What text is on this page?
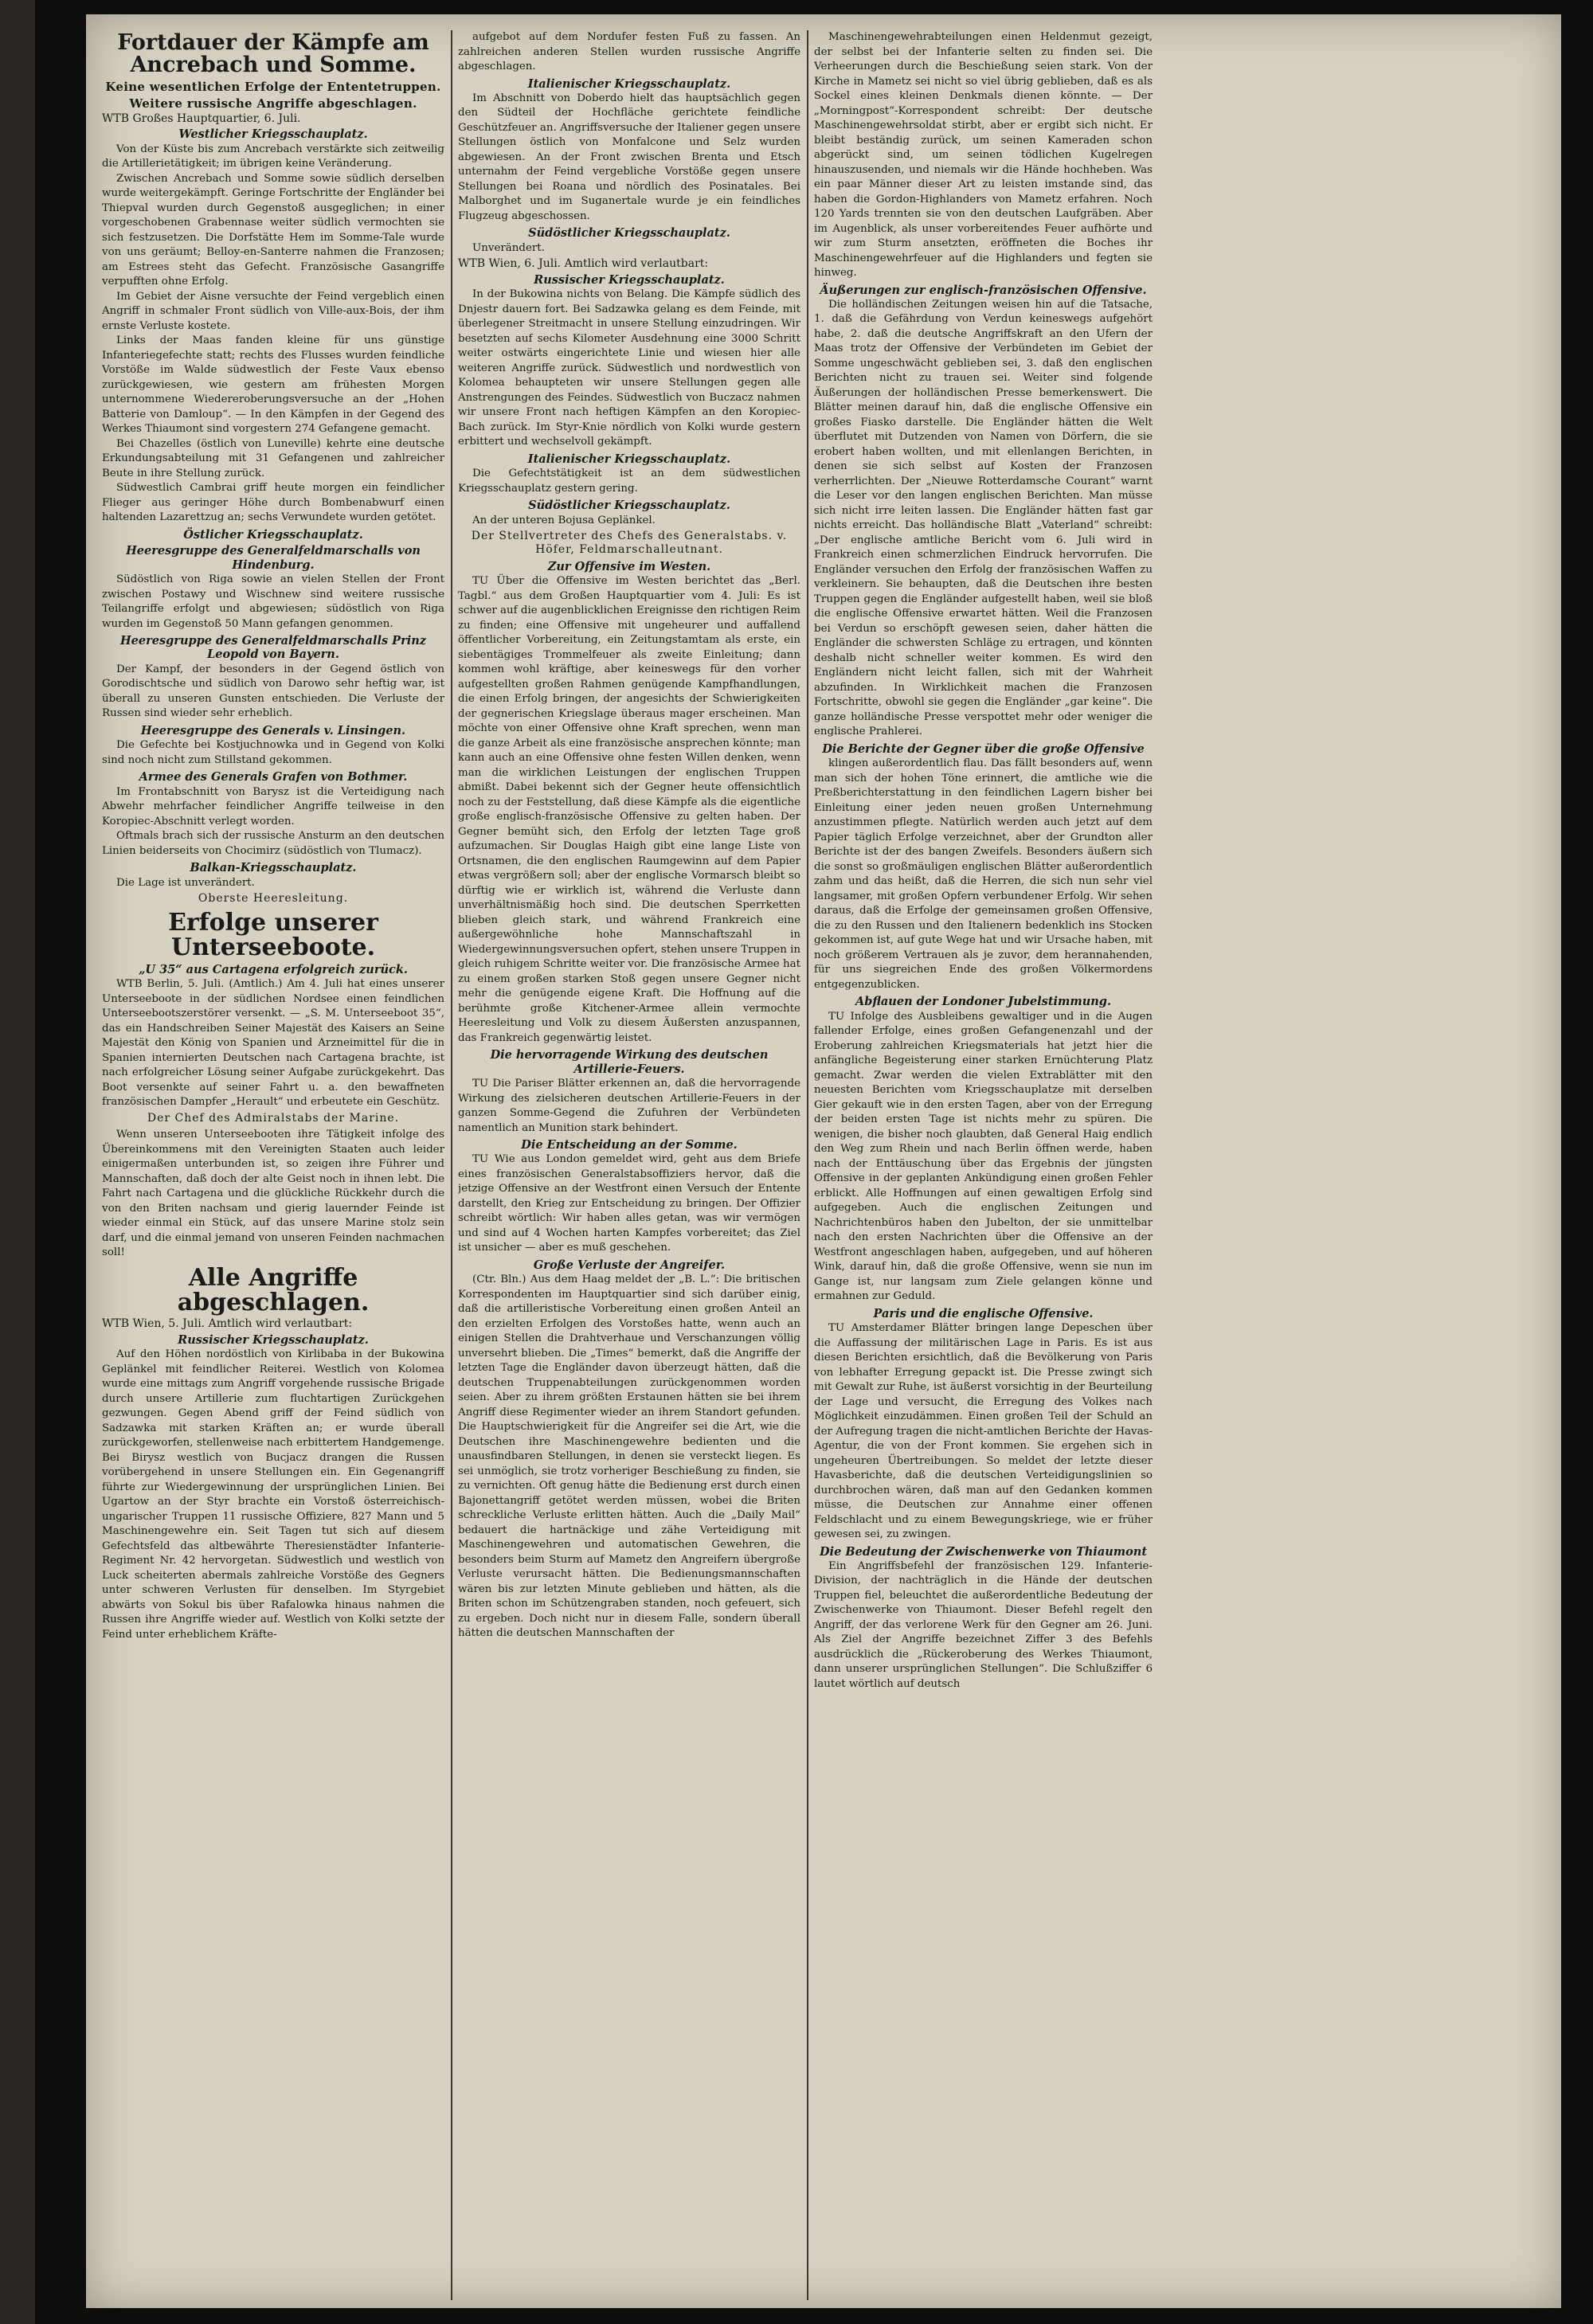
Fortdauer der Kämpfe am Ancrebach und Somme.
Keine wesentlichen Erfolge der Ententetruppen.
Weitere russische Angriffe abgeschlagen.
WTB Großes Hauptquartier, 6. Juli.
Westlicher Kriegsschauplatz.

Von der Küste bis zum Ancrebach verstärkte sich zeitweilig die Artillerietätigkeit; im übrigen keine Veränderung.

Zwischen Ancrebach und Somme sowie südlich derselben wurde weitergekämpft. Geringe Fortschritte der Engländer bei Thiepval wurden durch Gegenstoß ausgeglichen; in einer vorgeschobenen Grabennase weiter südlich vermochten sie sich festzusetzen. Die Dorfstätte Hem im Somme-Tale wurde von uns geräumt; Belloy-en-Santerre nahmen die Franzosen; am Estrees steht das Gefecht. Französische Gasangriffe verpufften ohne Erfolg.

Im Gebiet der Aisne versuchte der Feind vergeblich einen Angriff in schmaler Front südlich von Ville-aux-Bois, der ihm ernste Verluste kostete.

Links der Maas fanden kleine für uns günstige Infanteriegefechte statt; rechts des Flusses wurden feindliche Vorstöße im Walde südwestlich der Feste Vaux ebenso zurückgewiesen, wie gestern am frühesten Morgen unternommene Wiedereroberungsversuche an der „Hohen Batterie von Damloup“. — In den Kämpfen in der Gegend des Werkes Thiaumont sind vorgestern 274 Gefangene gemacht.

Bei Chazelles (östlich von Luneville) kehrte eine deutsche Erkundungsabteilung mit 31 Gefangenen und zahlreicher Beute in ihre Stellung zurück.

Südwestlich Cambrai griff heute morgen ein feindlicher Flieger aus geringer Höhe durch Bombenabwurf einen haltenden Lazarettzug an; sechs Verwundete wurden getötet.

Östlicher Kriegsschauplatz.
Heeresgruppe des Generalfeldmarschalls von Hindenburg.

Südöstlich von Riga sowie an vielen Stellen der Front zwischen Postawy und Wischnew sind weitere russische Teilangriffe erfolgt und abgewiesen; südöstlich von Riga wurden im Gegenstoß 50 Mann gefangen genommen.

Heeresgruppe des Generalfeldmarschalls Prinz Leopold von Bayern.

Der Kampf, der besonders in der Gegend östlich von Gorodischtsche und südlich von Darowo sehr heftig war, ist überall zu unseren Gunsten entschieden. Die Verluste der Russen sind wieder sehr erheblich.

Heeresgruppe des Generals v. Linsingen.

Die Gefechte bei Kostjuchnowka und in Gegend von Kolki sind noch nicht zum Stillstand gekommen.

Armee des Generals Grafen von Bothmer.

Im Frontabschnitt von Barysz ist die Verteidigung nach Abwehr mehrfacher feindlicher Angriffe teilweise in den Koropiec-Abschnitt verlegt worden.

Oftmals brach sich der russische Ansturm an den deutschen Linien beiderseits von Chocimirz (südöstlich von Tlumacz).

Balkan-Kriegsschauplatz.

Die Lage ist unverändert.

Oberste Heeresleitung.
Erfolge unserer Unterseeboote.
„U 35“ aus Cartagena erfolgreich zurück.

WTB Berlin, 5. Juli. (Amtlich.) Am 4. Juli hat eines unserer Unterseeboote in der südlichen Nordsee einen feindlichen Unterseebootszerstörer versenkt. — „S. M. Unterseeboot 35“, das ein Handschreiben Seiner Majestät des Kaisers an Seine Majestät den König von Spanien und Arzneimittel für die in Spanien internierten Deutschen nach Cartagena brachte, ist nach erfolgreicher Lösung seiner Aufgabe zurückgekehrt. Das Boot versenkte auf seiner Fahrt u. a. den bewaffneten französischen Dampfer „Herault“ und erbeutete ein Geschütz.

Der Chef des Admiralstabs der Marine.

Wenn unseren Unterseebooten ihre Tätigkeit infolge des Übereinkommens mit den Vereinigten Staaten auch leider einigermaßen unterbunden ist, so zeigen ihre Führer und Mannschaften, daß doch der alte Geist noch in ihnen lebt. Die Fahrt nach Cartagena und die glückliche Rückkehr durch die von den Briten nachsam und gierig lauernder Feinde ist wieder einmal ein Stück, auf das unsere Marine stolz sein darf, und die einmal jemand von unseren Feinden nachmachen soll!

Alle Angriffe abgeschlagen.
WTB Wien, 5. Juli. Amtlich wird verlautbart:
Russischer Kriegsschauplatz.

Auf den Höhen nordöstlich von Kirlibaba in der Bukowina Geplänkel mit feindlicher Reiterei. Westlich von Kolomea wurde eine mittags zum Angriff vorgehende russische Brigade durch unsere Artillerie zum fluchtartigen Zurückgehen gezwungen. Gegen Abend griff der Feind südlich von Sadzawka mit starken Kräften an; er wurde überall zurückgeworfen, stellenweise nach erbittertem Handgemenge. Bei Birysz westlich von Bucjacz drangen die Russen vorübergehend in unsere Stellungen ein. Ein Gegenangriff führte zur Wiedergewinnung der ursprünglichen Linien. Bei Ugartow an der Styr brachte ein Vorstoß österreichisch-ungarischer Truppen 11 russische Offiziere, 827 Mann und 5 Maschinengewehre ein. Seit Tagen tut sich auf diesem Gefechtsfeld das altbewährte Theresienstädter Infanterie-Regiment Nr. 42 hervorgetan. Südwestlich und westlich von Luck scheiterten abermals zahlreiche Vorstöße des Gegners unter schweren Verlusten für denselben. Im Styrgebiet abwärts von Sokul bis über Rafalowka hinaus nahmen die Russen ihre Angriffe wieder auf. Westlich von Kolki setzte der Feind unter erheblichem Kräfte-

aufgebot auf dem Nordufer festen Fuß zu fassen. An zahlreichen anderen Stellen wurden russische Angriffe abgeschlagen.

Italienischer Kriegsschauplatz.

Im Abschnitt von Doberdo hielt das hauptsächlich gegen den Südteil der Hochfläche gerichtete feindliche Geschützfeuer an. Angriffsversuche der Italiener gegen unsere Stellungen östlich von Monfalcone und Selz wurden abgewiesen. An der Front zwischen Brenta und Etsch unternahm der Feind vergebliche Vorstöße gegen unsere Stellungen bei Roana und nördlich des Posinatales. Bei Malborghet und im Suganertale wurde je ein feindliches Flugzeug abgeschossen.

Südöstlicher Kriegsschauplatz.

Unverändert.

WTB Wien, 6. Juli. Amtlich wird verlautbart:
Russischer Kriegsschauplatz.

In der Bukowina nichts von Belang. Die Kämpfe südlich des Dnjestr dauern fort. Bei Sadzawka gelang es dem Feinde, mit überlegener Streitmacht in unsere Stellung einzudringen. Wir besetzten auf sechs Kilometer Ausdehnung eine 3000 Schritt weiter ostwärts eingerichtete Linie und wiesen hier alle weiteren Angriffe zurück. Südwestlich und nordwestlich von Kolomea behaupteten wir unsere Stellungen gegen alle Anstrengungen des Feindes. Südwestlich von Buczacz nahmen wir unsere Front nach heftigen Kämpfen an den Koropiec-Bach zurück. Im Styr-Knie nördlich von Kolki wurde gestern erbittert und wechselvoll gekämpft.

Italienischer Kriegsschauplatz.

Die Gefechtstätigkeit ist an dem südwestlichen Kriegsschauplatz gestern gering.

Südöstlicher Kriegsschauplatz.

An der unteren Bojusa Geplänkel.

Der Stellvertreter des Chefs des Generalstabs. v. Höfer, Feldmarschalleutnant.
Zur Offensive im Westen.

TU Über die Offensive im Westen berichtet das „Berl. Tagbl.“ aus dem Großen Hauptquartier vom 4. Juli: Es ist schwer auf die augenblicklichen Ereignisse den richtigen Reim zu finden; eine Offensive mit ungeheurer und auffallend öffentlicher Vorbereitung, ein Zeitungstamtam als erste, ein siebentägiges Trommelfeuer als zweite Einleitung; dann kommen wohl kräftige, aber keineswegs für den vorher aufgestellten großen Rahmen genügende Kampfhandlungen, die einen Erfolg bringen, der angesichts der Schwierigkeiten der gegnerischen Kriegslage überaus mager erscheinen. Man möchte von einer Offensive ohne Kraft sprechen, wenn man die ganze Arbeit als eine französische ansprechen könnte; man kann auch an eine Offensive ohne festen Willen denken, wenn man die wirklichen Leistungen der englischen Truppen abmißt. Dabei bekennt sich der Gegner heute offensichtlich noch zu der Feststellung, daß diese Kämpfe als die eigentliche große englisch-französische Offensive zu gelten haben. Der Gegner bemüht sich, den Erfolg der letzten Tage groß aufzumachen. Sir Douglas Haigh gibt eine lange Liste von Ortsnamen, die den englischen Raumgewinn auf dem Papier etwas vergrößern soll; aber der englische Vormarsch bleibt so dürftig wie er wirklich ist, während die Verluste dann unverhältnismäßig hoch sind. Die deutschen Sperrketten blieben gleich stark, und während Frankreich eine außergewöhnliche hohe Mannschaftszahl in Wiedergewinnungsversuchen opfert, stehen unsere Truppen in gleich ruhigem Schritte weiter vor. Die französische Armee hat zu einem großen starken Stoß gegen unsere Gegner nicht mehr die genügende eigene Kraft. Die Hoffnung auf die berühmte große Kitchener-Armee allein vermochte Heeresleitung und Volk zu diesem Äußersten anzuspannen, das Frankreich gegenwärtig leistet.

Die hervorragende Wirkung des deutschen Artillerie-Feuers.

TU Die Pariser Blätter erkennen an, daß die hervorragende Wirkung des zielsicheren deutschen Artillerie-Feuers in der ganzen Somme-Gegend die Zufuhren der Verbündeten namentlich an Munition stark behindert.

Die Entscheidung an der Somme.

TU Wie aus London gemeldet wird, geht aus dem Briefe eines französischen Generalstabsoffiziers hervor, daß die jetzige Offensive an der Westfront einen Versuch der Entente darstellt, den Krieg zur Entscheidung zu bringen. Der Offizier schreibt wörtlich: Wir haben alles getan, was wir vermögen und sind auf 4 Wochen harten Kampfes vorbereitet; das Ziel ist unsicher — aber es muß geschehen.

Große Verluste der Angreifer.

(Ctr. Bln.) Aus dem Haag meldet der „B. L.“: Die britischen Korrespondenten im Hauptquartier sind sich darüber einig, daß die artilleristische Vorbereitung einen großen Anteil an den erzielten Erfolgen des Vorstoßes hatte, wenn auch an einigen Stellen die Drahtverhaue und Verschanzungen völlig unversehrt blieben. Die „Times“ bemerkt, daß die Angriffe der letzten Tage die Engländer davon überzeugt hätten, daß die deutschen Truppenabteilungen zurückgenommen worden seien. Aber zu ihrem größten Erstaunen hätten sie bei ihrem Angriff diese Regimenter wieder an ihrem Standort gefunden. Die Hauptschwierigkeit für die Angreifer sei die Art, wie die Deutschen ihre Maschinengewehre bedienten und die unausfindbaren Stellungen, in denen sie versteckt liegen. Es sei unmöglich, sie trotz vorheriger Beschießung zu finden, sie zu vernichten. Oft genug hätte die Bedienung erst durch einen Bajonettangriff getötet werden müssen, wobei die Briten schreckliche Verluste erlitten hätten. Auch die „Daily Mail“ bedauert die hartnäckige und zähe Verteidigung mit Maschinengewehren und automatischen Gewehren, die besonders beim Sturm auf Mametz den Angreifern übergroße Verluste verursacht hätten. Die Bedienungsmannschaften wären bis zur letzten Minute geblieben und hätten, als die Briten schon im Schützengraben standen, noch gefeuert, sich zu ergeben. Doch nicht nur in diesem Falle, sondern überall hätten die deutschen Mannschaften der

Maschinengewehrabteilungen einen Heldenmut gezeigt, der selbst bei der Infanterie selten zu finden sei. Die Verheerungen durch die Beschießung seien stark. Von der Kirche in Mametz sei nicht so viel übrig geblieben, daß es als Sockel eines kleinen Denkmals dienen könnte. — Der „Morningpost“-Korrespondent schreibt: Der deutsche Maschinengewehrsoldat stirbt, aber er ergibt sich nicht. Er bleibt beständig zurück, um seinen Kameraden schon abgerückt sind, um seinen tödlichen Kugelregen hinauszusenden, und niemals wir die Hände hochheben. Was ein paar Männer dieser Art zu leisten imstande sind, das haben die Gordon-Highlanders von Mametz erfahren. Noch 120 Yards trennten sie von den deutschen Laufgräben. Aber im Augenblick, als unser vorbereitendes Feuer aufhörte und wir zum Sturm ansetzten, eröffneten die Boches ihr Maschinengewehrfeuer auf die Highlanders und fegten sie hinweg.

Äußerungen zur englisch-französischen Offensive.

Die holländischen Zeitungen weisen hin auf die Tatsache, 1. daß die Gefährdung von Verdun keineswegs aufgehört habe, 2. daß die deutsche Angriffskraft an den Ufern der Maas trotz der Offensive der Verbündeten im Gebiet der Somme ungeschwächt geblieben sei, 3. daß den englischen Berichten nicht zu trauen sei. Weiter sind folgende Äußerungen der holländischen Presse bemerkenswert. Die Blätter meinen darauf hin, daß die englische Offensive ein großes Fiasko darstelle. Die Engländer hätten die Welt überflutet mit Dutzenden von Namen von Dörfern, die sie erobert haben wollten, und mit ellenlangen Berichten, in denen sie sich selbst auf Kosten der Franzosen verherrlichten. Der „Nieuwe Rotterdamsche Courant“ warnt die Leser vor den langen englischen Berichten. Man müsse sich nicht irre leiten lassen. Die Engländer hätten fast gar nichts erreicht. Das holländische Blatt „Vaterland“ schreibt: „Der englische amtliche Bericht vom 6. Juli wird in Frankreich einen schmerzlichen Eindruck hervorrufen. Die Engländer versuchen den Erfolg der französischen Waffen zu verkleinern. Sie behaupten, daß die Deutschen ihre besten Truppen gegen die Engländer aufgestellt haben, weil sie bloß die englische Offensive erwartet hätten. Weil die Franzosen bei Verdun so erschöpft gewesen seien, daher hätten die Engländer die schwersten Schläge zu ertragen, und könnten deshalb nicht schneller weiter kommen. Es wird den Engländern nicht leicht fallen, sich mit der Wahrheit abzufinden. In Wirklichkeit machen die Franzosen Fortschritte, obwohl sie gegen die Engländer „gar keine“. Die ganze holländische Presse verspottet mehr oder weniger die englische Prahlerei.

Die Berichte der Gegner über die große Offensive

klingen außerordentlich flau. Das fällt besonders auf, wenn man sich der hohen Töne erinnert, die amtliche wie die Preßberichterstattung in den feindlichen Lagern bisher bei Einleitung einer jeden neuen großen Unternehmung anzustimmen pflegte. Natürlich werden auch jetzt auf dem Papier täglich Erfolge verzeichnet, aber der Grundton aller Berichte ist der des bangen Zweifels. Besonders äußern sich die sonst so großmäuligen englischen Blätter außerordentlich zahm und das heißt, daß die Herren, die sich nun sehr viel langsamer, mit großen Opfern verbundener Erfolg. Wir sehen daraus, daß die Erfolge der gemeinsamen großen Offensive, die zu den Russen und den Italienern bedenklich ins Stocken gekommen ist, auf gute Wege hat und wir Ursache haben, mit noch größerem Vertrauen als je zuvor, dem herannahenden, für uns siegreichen Ende des großen Völkermordens entgegenzublicken.

Abflauen der Londoner Jubelstimmung.

TU Infolge des Ausbleibens gewaltiger und in die Augen fallender Erfolge, eines großen Gefangenenzahl und der Eroberung zahlreichen Kriegsmaterials hat jetzt hier die anfängliche Begeisterung einer starken Ernüchterung Platz gemacht. Zwar werden die vielen Extrablätter mit den neuesten Berichten vom Kriegsschauplatze mit derselben Gier gekauft wie in den ersten Tagen, aber von der Erregung der beiden ersten Tage ist nichts mehr zu spüren. Die wenigen, die bisher noch glaubten, daß General Haig endlich den Weg zum Rhein und nach Berlin öffnen werde, haben nach der Enttäuschung über das Ergebnis der jüngsten Offensive in der geplanten Ankündigung einen großen Fehler erblickt. Alle Hoffnungen auf einen gewaltigen Erfolg sind aufgegeben. Auch die englischen Zeitungen und Nachrichtenbüros haben den Jubelton, der sie unmittelbar nach den ersten Nachrichten über die Offensive an der Westfront angeschlagen haben, aufgegeben, und auf höheren Wink, darauf hin, daß die große Offensive, wenn sie nun im Gange ist, nur langsam zum Ziele gelangen könne und ermahnen zur Geduld.

Paris und die englische Offensive.

TU Amsterdamer Blätter bringen lange Depeschen über die Auffassung der militärischen Lage in Paris. Es ist aus diesen Berichten ersichtlich, daß die Bevölkerung von Paris von lebhafter Erregung gepackt ist. Die Presse zwingt sich mit Gewalt zur Ruhe, ist äußerst vorsichtig in der Beurteilung der Lage und versucht, die Erregung des Volkes nach Möglichkeit einzudämmen. Einen großen Teil der Schuld an der Aufregung tragen die nicht-amtlichen Berichte der Havas-Agentur, die von der Front kommen. Sie ergehen sich in ungeheuren Übertreibungen. So meldet der letzte dieser Havasberichte, daß die deutschen Verteidigungslinien so durchbrochen wären, daß man auf den Gedanken kommen müsse, die Deutschen zur Annahme einer offenen Feldschlacht und zu einem Bewegungskriege, wie er früher gewesen sei, zu zwingen.

Die Bedeutung der Zwischenwerke von Thiaumont

Ein Angriffsbefehl der französischen 129. Infanterie-Division, der nachträglich in die Hände der deutschen Truppen fiel, beleuchtet die außerordentliche Bedeutung der Zwischenwerke von Thiaumont. Dieser Befehl regelt den Angriff, der das verlorene Werk für den Gegner am 26. Juni. Als Ziel der Angriffe bezeichnet Ziffer 3 des Befehls ausdrücklich die „Rückeroberung des Werkes Thiaumont, dann unserer ursprünglichen Stellungen“. Die Schlußziffer 6 lautet wörtlich auf deutsch
